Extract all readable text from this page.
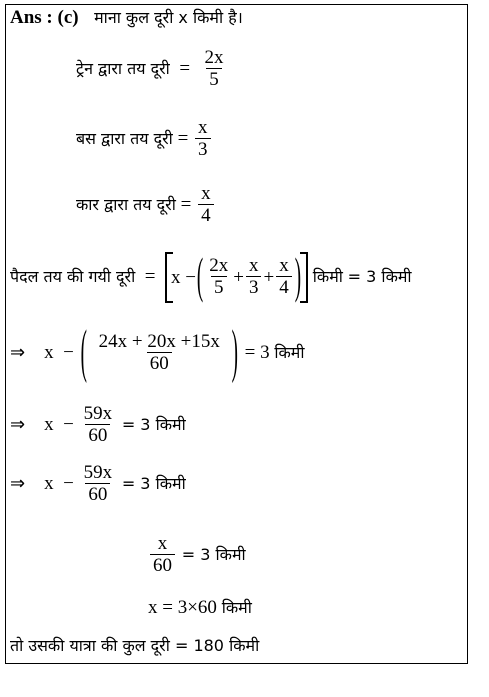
Ans : (c) माना कुल दूरी x किमी है।
ट्रेन द्वारा तय दूरी  = $\frac{2x}{5}$
बस द्वारा तय दूरी = $\frac{x}{3}$
कार द्वारा तय दूरी = $\frac{x}{4}$
पैदल तय की गयी दूरी  = x − ( $\frac{2x}{5} + \frac{x}{3} + \frac{x}{4}$ ) किमी = 3 किमी
⇒ x  − ( $\frac{24x + 20x +15x}{60}$ ) = 3 किमी
⇒ $x - \frac{59x}{60} = 3$ किमी
⇒ $x - \frac{59x}{60} = 3$ किमी
$\frac{x}{60} = 3$ किमी
x = 3×60 किमी
तो उसकी यात्रा की कुल दूरी = 180 किमी
